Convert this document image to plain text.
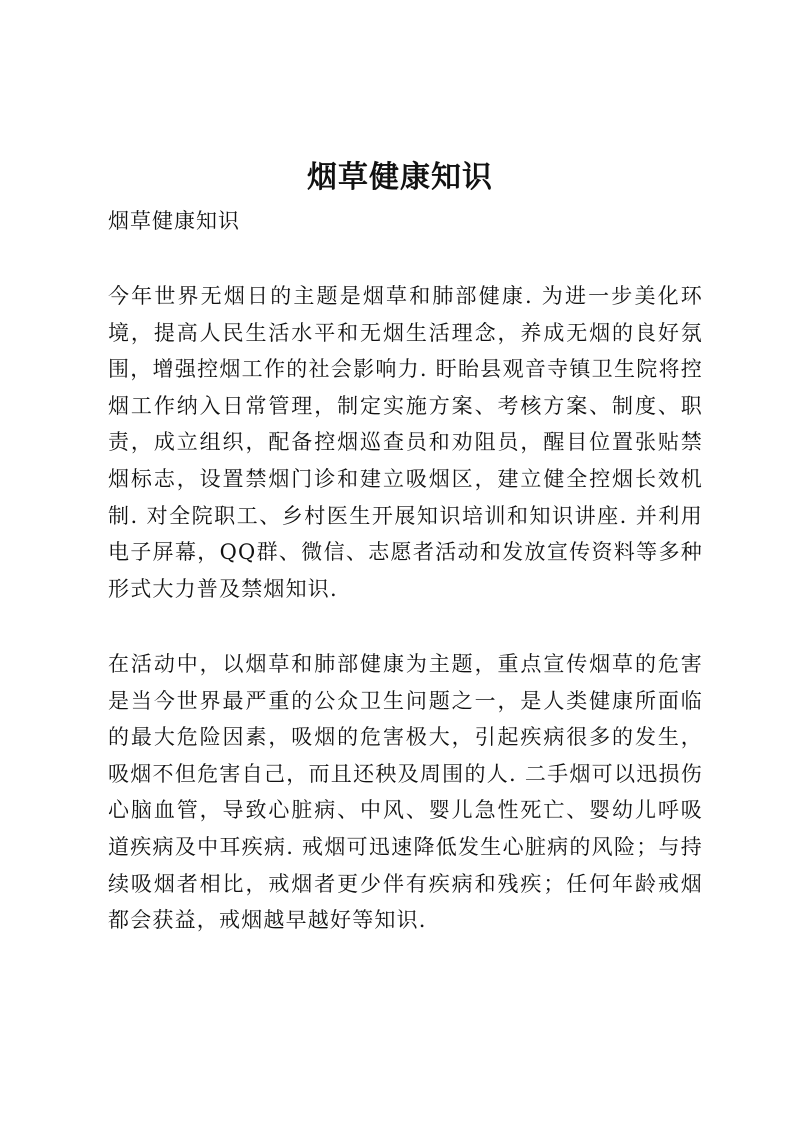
烟草健康知识
烟草健康知识

今年世界无烟日的主题是烟草和肺部健康. 为进一步美化环境，提高人民生活水平和无烟生活理念，养成无烟的良好氛围，增强控烟工作的社会影响力. 盱眙县观音寺镇卫生院将控烟工作纳入日常管理，制定实施方案、考核方案、制度、职责，成立组织，配备控烟巡查员和劝阻员，醒目位置张贴禁烟标志，设置禁烟门诊和建立吸烟区，建立健全控烟长效机制. 对全院职工、乡村医生开展知识培训和知识讲座. 并利用电子屏幕，QQ群、微信、志愿者活动和发放宣传资料等多种形式大力普及禁烟知识.

在活动中，以烟草和肺部健康为主题，重点宣传烟草的危害是当今世界最严重的公众卫生问题之一，是人类健康所面临的最大危险因素，吸烟的危害极大，引起疾病很多的发生，吸烟不但危害自己，而且还秧及周围的人. 二手烟可以迅损伤心脑血管，导致心脏病、中风、婴儿急性死亡、婴幼儿呼吸道疾病及中耳疾病. 戒烟可迅速降低发生心脏病的风险；与持续吸烟者相比，戒烟者更少伴有疾病和残疾；任何年龄戒烟都会获益，戒烟越早越好等知识.
